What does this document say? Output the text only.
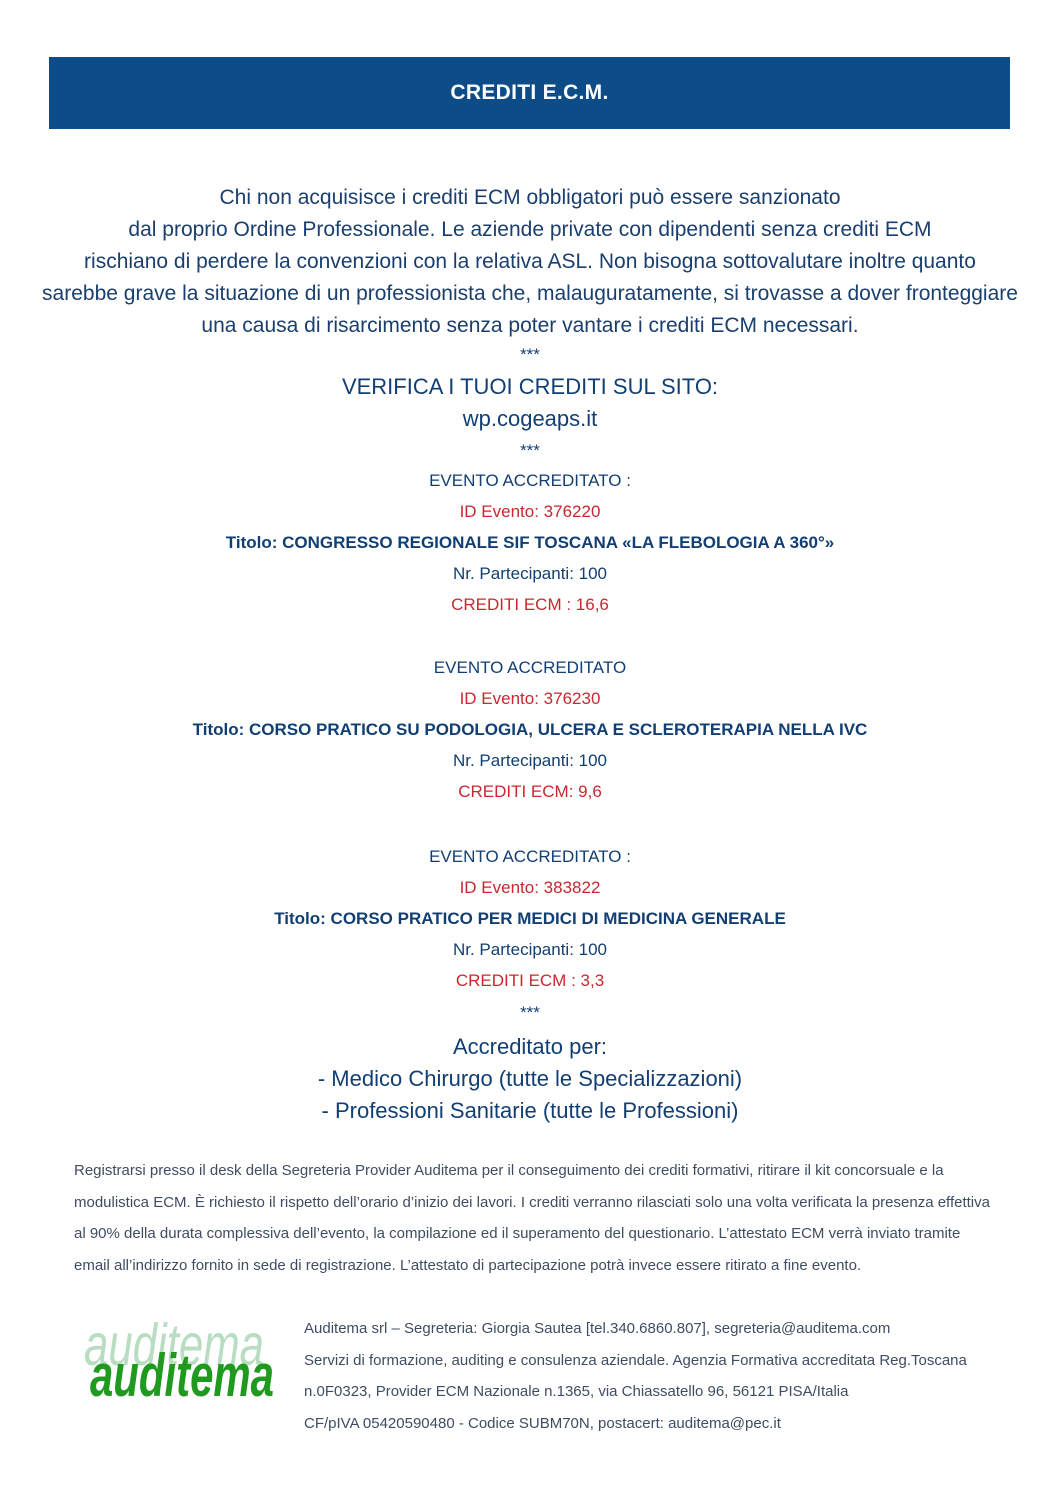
CREDITI E.C.M.
Chi non acquisisce i crediti ECM obbligatori può essere sanzionato
dal proprio Ordine Professionale. Le aziende private con dipendenti senza crediti ECM
rischiano di perdere la convenzioni con la relativa ASL. Non bisogna sottovalutare inoltre quanto
sarebbe grave la situazione di un professionista che, malauguratamente, si trovasse a dover fronteggiare
una causa di risarcimento senza poter vantare i crediti ECM necessari.
***
VERIFICA I TUOI CREDITI SUL SITO:
wp.cogeaps.it
***
EVENTO ACCREDITATO :
ID Evento: 376220
Titolo: CONGRESSO REGIONALE SIF TOSCANA «LA FLEBOLOGIA A 360°»
Nr. Partecipanti: 100
CREDITI ECM : 16,6
EVENTO ACCREDITATO
ID Evento: 376230
Titolo: CORSO PRATICO SU PODOLOGIA, ULCERA E SCLEROTERAPIA NELLA IVC
Nr. Partecipanti: 100
CREDITI ECM: 9,6
EVENTO ACCREDITATO :
ID Evento: 383822
Titolo: CORSO PRATICO PER MEDICI DI MEDICINA GENERALE
Nr. Partecipanti: 100
CREDITI ECM : 3,3
***
Accreditato per:
- Medico Chirurgo (tutte le Specializzazioni)
- Professioni Sanitarie (tutte le Professioni)
Registrarsi presso il desk della Segreteria Provider Auditema per il conseguimento dei crediti formativi, ritirare il kit concorsuale e la
modulistica ECM. È richiesto il rispetto dell’orario d’inizio dei lavori. I crediti verranno rilasciati solo una volta verificata la presenza effettiva
al 90% della durata complessiva dell’evento, la compilazione ed il superamento del questionario. L’attestato ECM verrà inviato tramite
email all’indirizzo fornito in sede di registrazione. L’attestato di partecipazione potrà invece essere ritirato a fine evento.
auditema
auditema
Auditema srl – Segreteria: Giorgia Sautea [tel.340.6860.807], segreteria@auditema.com
Servizi di formazione, auditing e consulenza aziendale. Agenzia Formativa accreditata Reg.Toscana
n.0F0323, Provider ECM Nazionale n.1365, via Chiassatello 96, 56121 PISA/Italia
CF/pIVA 05420590480 - Codice SUBM70N, postacert: auditema@pec.it
